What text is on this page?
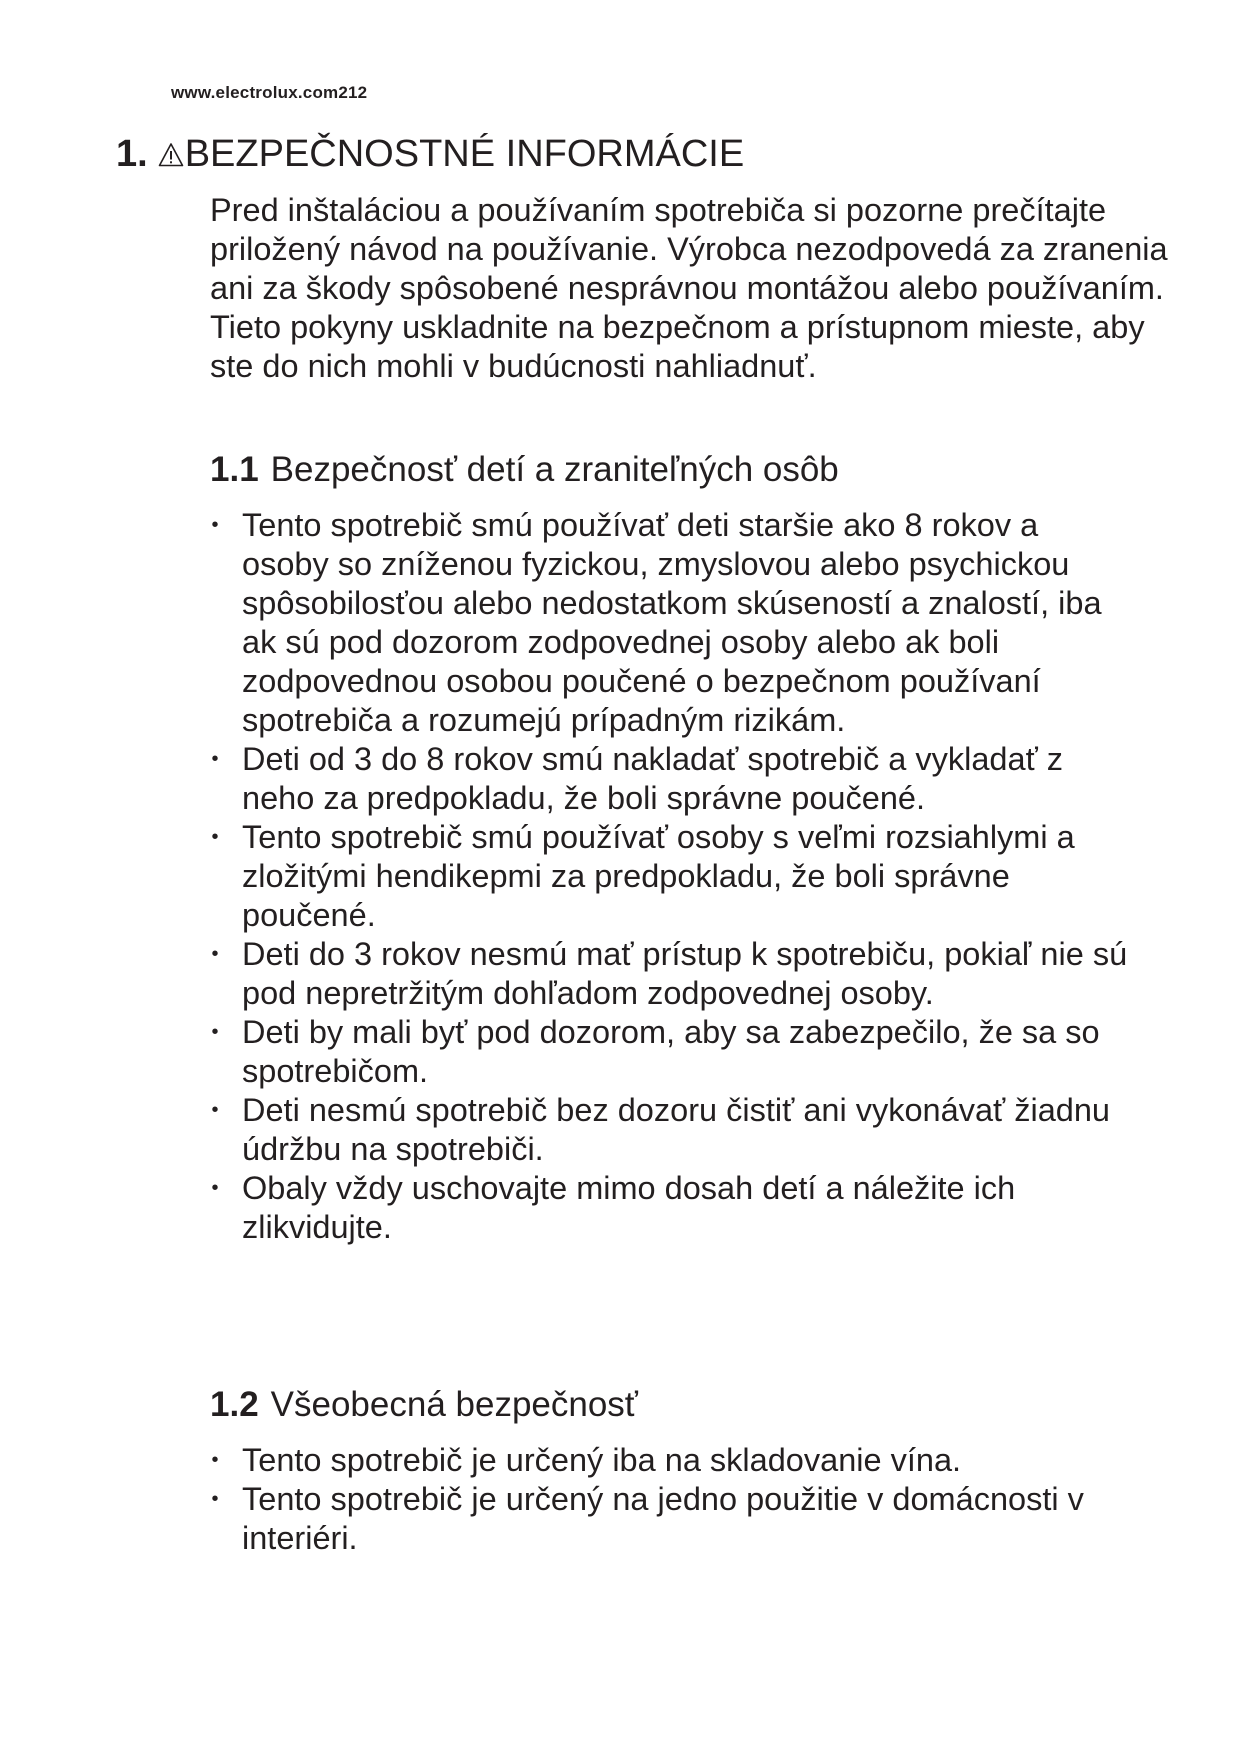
www.electrolux.com212
1. BEZPEČNOSTNÉ INFORMÁCIE

Pred inštaláciou a používaním spotrebiča si pozorne prečítajte priložený návod na používanie. Výrobca nezodpovedá za zranenia ani za škody spôsobené nesprávnou montážou alebo používaním. Tieto pokyny uskladnite na bezpečnom a prístupnom mieste, aby ste do nich mohli v budúcnosti nahliadnuť.

1.1 Bezpečnosť detí a zraniteľných osôb
• Tento spotrebič smú používať deti staršie ako 8 rokov a osoby so zníženou fyzickou, zmyslovou alebo psychickou spôsobilosťou alebo nedostatkom skúseností a znalostí, iba ak sú pod dozorom zodpovednej osoby alebo ak boli zodpovednou osobou poučené o bezpečnom používaní spotrebiča a rozumejú prípadným rizikám.
• Deti od 3 do 8 rokov smú nakladať spotrebič a vykladať z neho za predpokladu, že boli správne poučené.
• Tento spotrebič smú používať osoby s veľmi rozsiahlymi a zložitými hendikepmi za predpokladu, že boli správne poučené.
• Deti do 3 rokov nesmú mať prístup k spotrebiču, pokiaľ nie sú pod nepretržitým dohľadom zodpovednej osoby.
• Deti by mali byť pod dozorom, aby sa zabezpečilo, že sa so spotrebičom.
• Deti nesmú spotrebič bez dozoru čistiť ani vykonávať žiadnu údržbu na spotrebiči.
• Obaly vždy uschovajte mimo dosah detí a náležite ich zlikvidujte.
1.2 Všeobecná bezpečnosť
• Tento spotrebič je určený iba na skladovanie vína.
• Tento spotrebič je určený na jedno použitie v domácnosti v interiéri.
